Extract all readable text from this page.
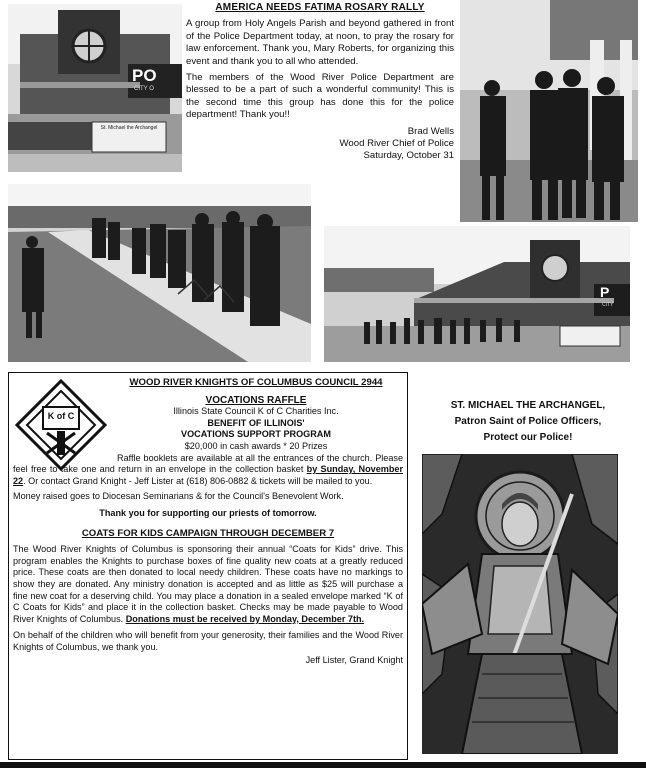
PO
CITY O
St. Michael the Archangel
AMERICA NEEDS FATIMA ROSARY RALLY

A group from Holy Angels Parish and beyond gathered in front of the Police Department today, at noon, to pray the rosary for law enforcement. Thank you, Mary Roberts, for organizing this event and thank you to all who attended.

The members of the Wood River Police Department are blessed to be a part of such a wonderful community! This is the second time this group has done this for the police department! Thank you!!

Brad Wells
Wood River Chief of Police
Saturday, October 31
P
CITY
K of C
WOOD RIVER KNIGHTS OF COLUMBUS COUNCIL 2944
VOCATIONS RAFFLE
Illinois State Council K of C Charities Inc.
BENEFIT OF ILLINOIS'
VOCATIONS SUPPORT PROGRAM
$20,000 in cash awards * 20 Prizes
Raffle booklets are available at all the entrances of the church. Please feel free to take one and return in an envelope in the collection basket by Sunday, November 22. Or contact Grand Knight - Jeff Lister at (618) 806-0882 & tickets will be mailed to you.
Money raised goes to Diocesan Seminarians & for the Council's Benevolent Work.
Thank you for supporting our priests of tomorrow.
COATS FOR KIDS CAMPAIGN THROUGH DECEMBER 7
The Wood River Knights of Columbus is sponsoring their annual “Coats for Kids” drive. This program enables the Knights to purchase boxes of fine quality new coats at a greatly reduced price. These coats are then donated to local needy children. These coats have no markings to show they are donated. Any ministry donation is accepted and as little as $25 will purchase a fine new coat for a deserving child. You may place a donation in a sealed envelope marked “K of C Coats for Kids” and place it in the collection basket. Checks may be made payable to Wood River Knights of Columbus. Donations must be received by Monday, December 7th.
On behalf of the children who will benefit from your generosity, their families and the Wood River Knights of Columbus, we thank you.
Jeff Lister, Grand Knight
ST. MICHAEL THE ARCHANGEL,
Patron Saint of Police Officers,
Protect our Police!
